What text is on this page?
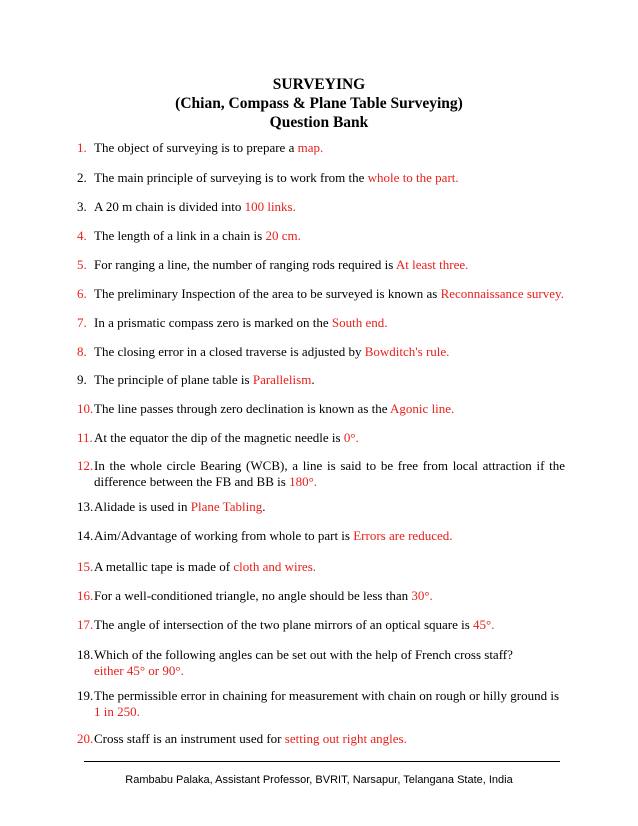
SURVEYING
(Chian, Compass & Plane Table Surveying)
Question Bank
1. The object of surveying is to prepare a map.
2. The main principle of surveying is to work from the whole to the part.
3. A 20 m chain is divided into 100 links.
4. The length of a link in a chain is 20 cm.
5. For ranging a line, the number of ranging rods required is At least three.
6. The preliminary Inspection of the area to be surveyed is known as Reconnaissance survey.
7. In a prismatic compass zero is marked on the South end.
8. The closing error in a closed traverse is adjusted by Bowditch's rule.
9. The principle of plane table is Parallelism.
10. The line passes through zero declination is known as the Agonic line.
11. At the equator the dip of the magnetic needle is 0°.
12. In the whole circle Bearing (WCB), a line is said to be free from local attraction if the difference between the FB and BB is 180°.
13. Alidade is used in Plane Tabling.
14. Aim/Advantage of working from whole to part is Errors are reduced.
15. A metallic tape is made of cloth and wires.
16. For a well-conditioned triangle, no angle should be less than 30°.
17. The angle of intersection of the two plane mirrors of an optical square is 45°.
18. Which of the following angles can be set out with the help of French cross staff?
either 45° or 90°.
19. The permissible error in chaining for measurement with chain on rough or hilly ground is
1 in 250.
20. Cross staff is an instrument used for setting out right angles.
Rambabu Palaka, Assistant Professor, BVRIT, Narsapur, Telangana State, India
